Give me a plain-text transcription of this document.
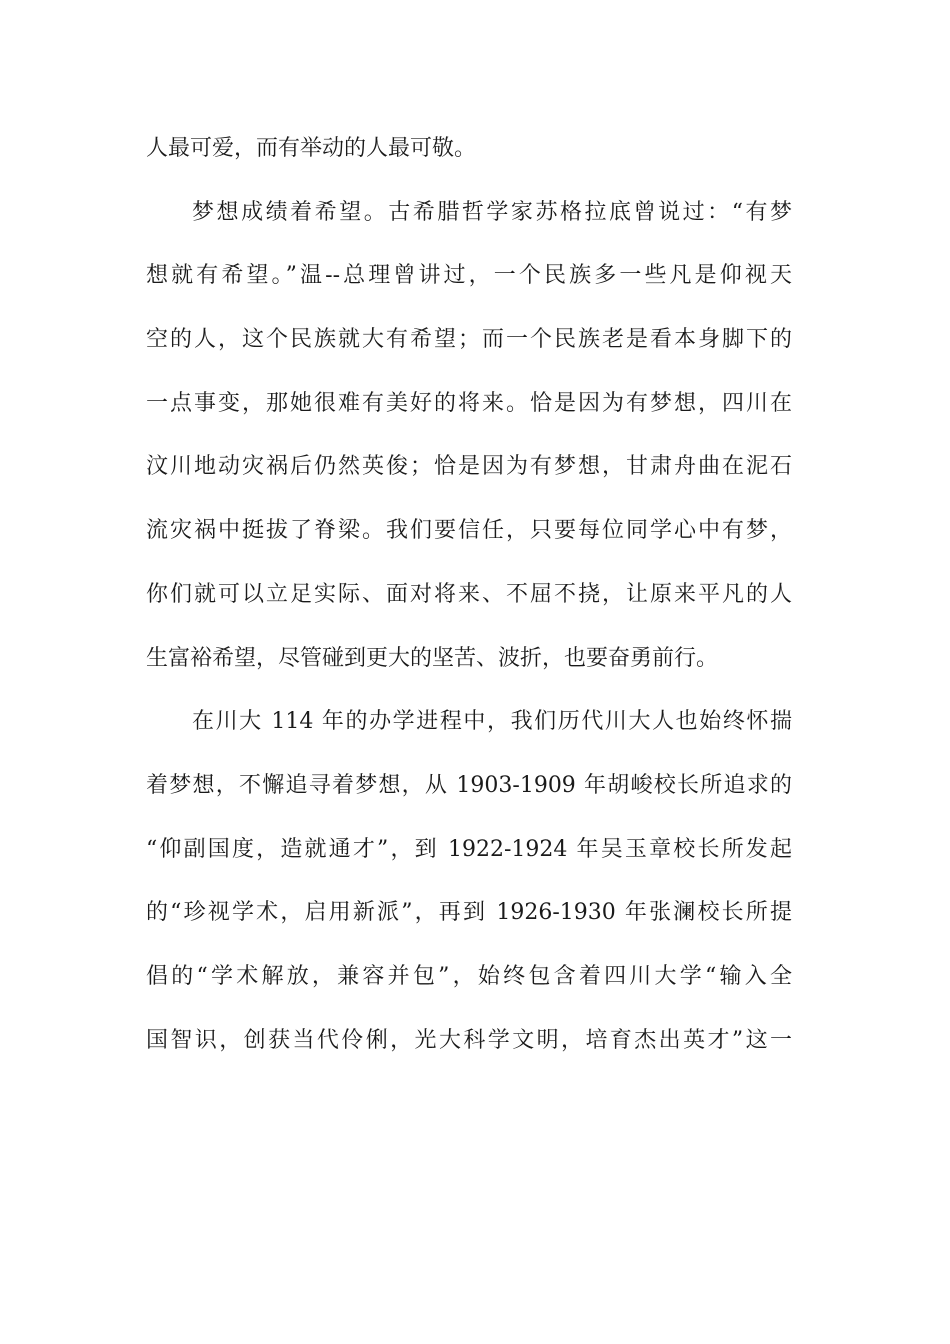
人最可爱，而有举动的人最可敬。
梦想成绩着希望。古希腊哲学家苏格拉底曾说过：“有梦
想就有希望。”温--总理曾讲过，一个民族多一些凡是仰视天
空的人，这个民族就大有希望；而一个民族老是看本身脚下的
一点事变，那她很难有美好的将来。恰是因为有梦想，四川在
汶川地动灾祸后仍然英俊；恰是因为有梦想，甘肃舟曲在泥石
流灾祸中挺拔了脊梁。我们要信任，只要每位同学心中有梦，
你们就可以立足实际、面对将来、不屈不挠，让原来平凡的人
生富裕希望，尽管碰到更大的坚苦、波折，也要奋勇前行。
在川大 114 年的办学进程中，我们历代川大人也始终怀揣
着梦想，不懈追寻着梦想，从 1903-1909 年胡峻校长所追求的
“仰副国度，造就通才”，到 1922-1924 年吴玉章校长所发起
的“珍视学术，启用新派”，再到 1926-1930 年张澜校长所提
倡的“学术解放，兼容并包”，始终包含着四川大学“输入全
国智识，创获当代伶俐，光大科学文明，培育杰出英才”这一
